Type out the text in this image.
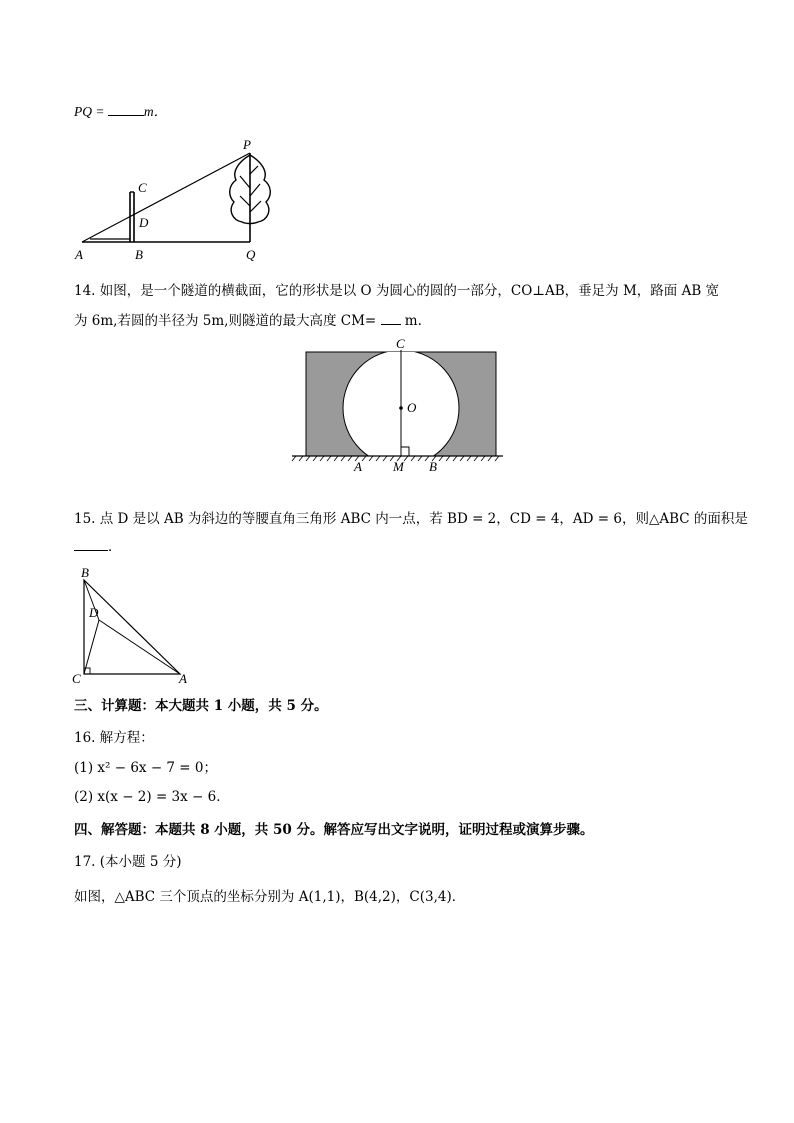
PQ =	m．
P
C
D
A	B	Q
14. 如图，是一个隧道的横截面，它的形状是以 O 为圆心的圆的一部分，CO⊥AB，垂足为 M，路面 AB 宽
为 6m,若圆的半径为 5m,则隧道的最大高度 CM=  m.
C
O
A M B
15. 点 D 是以 AB 为斜边的等腰直角三角形 ABC 内一点，若 BD = 2，CD = 4，AD = 6，则△ABC 的面积是
．
B
D
C	A
三、计算题：本大题共 1 小题，共 5 分。
16. 解方程：
(1) x² − 6x − 7 = 0；
(2) x(x − 2) = 3x − 6．
四、解答题：本题共 8 小题，共 50 分。解答应写出文字说明，证明过程或演算步骤。
17. (本小题 5 分)
如图，△ABC 三个顶点的坐标分别为 A(1,1)，B(4,2)，C(3,4)．
